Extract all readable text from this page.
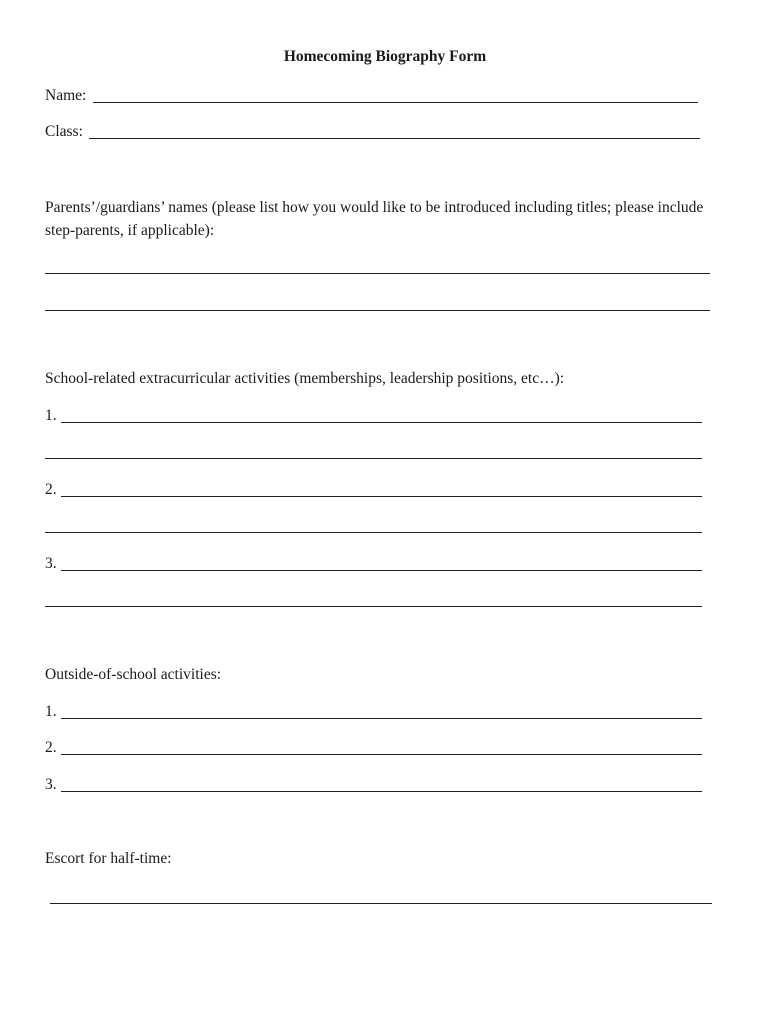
Homecoming Biography Form
Name:
Class:
Parents’/guardians’ names (please list how you would like to be introduced including titles; please include step-parents, if applicable):
School-related extracurricular activities (memberships, leadership positions, etc…):
1.
2.
3.
Outside-of-school activities:
1.
2.
3.
Escort for half-time:
